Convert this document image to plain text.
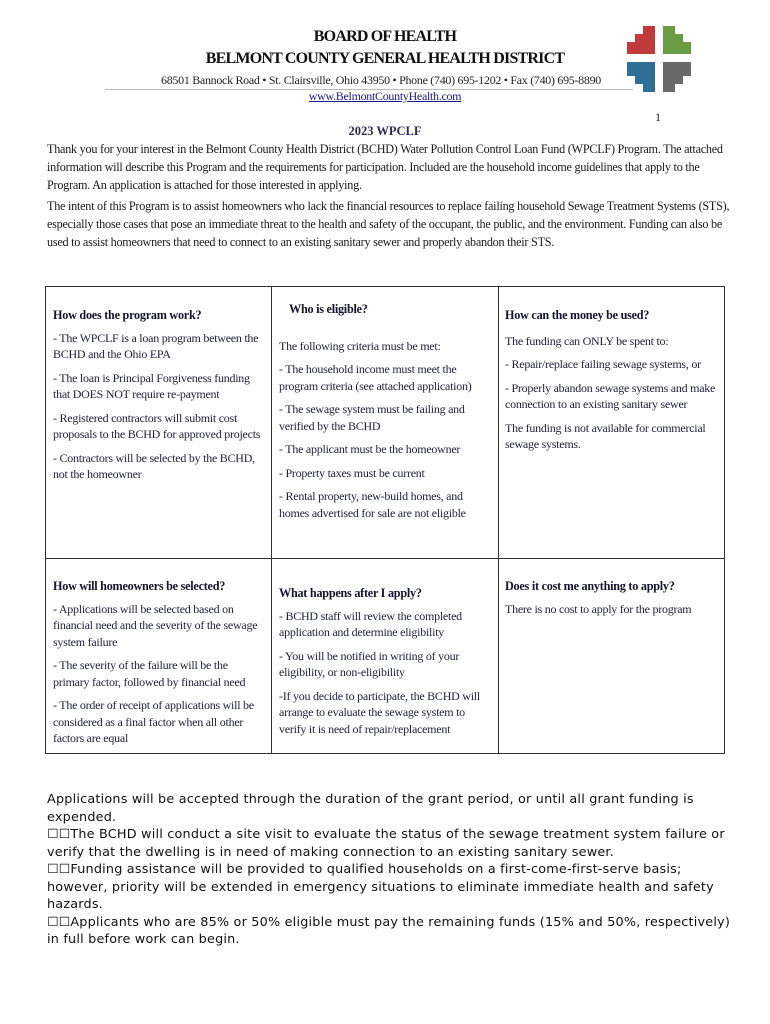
BOARD OF HEALTH
BELMONT COUNTY GENERAL HEALTH DISTRICT
68501 Bannock Road • St. Clairsville, Ohio 43950 • Phone (740) 695-1202 • Fax (740) 695-8890
www.BelmontCountyHealth.com
1
2023 WPCLF
Thank you for your interest in the Belmont County Health District (BCHD) Water Pollution Control Loan Fund (WPCLF) Program. The attached information will describe this Program and the requirements for participation. Included are the household income guidelines that apply to the Program. An application is attached for those interested in applying.
The intent of this Program is to assist homeowners who lack the financial resources to replace failing household Sewage Treatment Systems (STS), especially those cases that pose an immediate threat to the health and safety of the occupant, the public, and the environment. Funding can also be used to assist homeowners that need to connect to an existing sanitary sewer and properly abandon their STS.
How does the program work?

- The WPCLF is a loan program between the BCHD and the Ohio EPA

- The loan is Principal Forgiveness funding that DOES NOT require re-payment

- Registered contractors will submit cost proposals to the BCHD for approved projects

- Contractors will be selected by the BCHD, not the homeowner

Who is eligible?

The following criteria must be met:

- The household income must meet the program criteria (see attached application)

- The sewage system must be failing and verified by the BCHD

- The applicant must be the homeowner

- Property taxes must be current

- Rental property, new-build homes, and homes advertised for sale are not eligible

How can the money be used?

The funding can ONLY be spent to:

- Repair/replace failing sewage systems, or

- Properly abandon sewage systems and make connection to an existing sanitary sewer

The funding is not available for commercial sewage systems.

How will homeowners be selected?

- Applications will be selected based on financial need and the severity of the sewage system failure

- The severity of the failure will be the primary factor, followed by financial need

- The order of receipt of applications will be considered as a final factor when all other factors are equal

What happens after I apply?

- BCHD staff will review the completed application and determine eligibility

- You will be notified in writing of your eligibility, or non-eligibility

-If you decide to participate, the BCHD will arrange to evaluate the sewage system to verify it is need of repair/replacement

Does it cost me anything to apply?

There is no cost to apply for the program

Applications will be accepted through the duration of the grant period, or until all grant funding is expended.

☐☐The BCHD will conduct a site visit to evaluate the status of the sewage treatment system failure or verify that the dwelling is in need of making connection to an existing sanitary sewer.

☐☐Funding assistance will be provided to qualified households on a first-come-first-serve basis; however, priority will be extended in emergency situations to eliminate immediate health and safety hazards.

☐☐Applicants who are 85% or 50% eligible must pay the remaining funds (15% and 50%, respectively) in full before work can begin.
